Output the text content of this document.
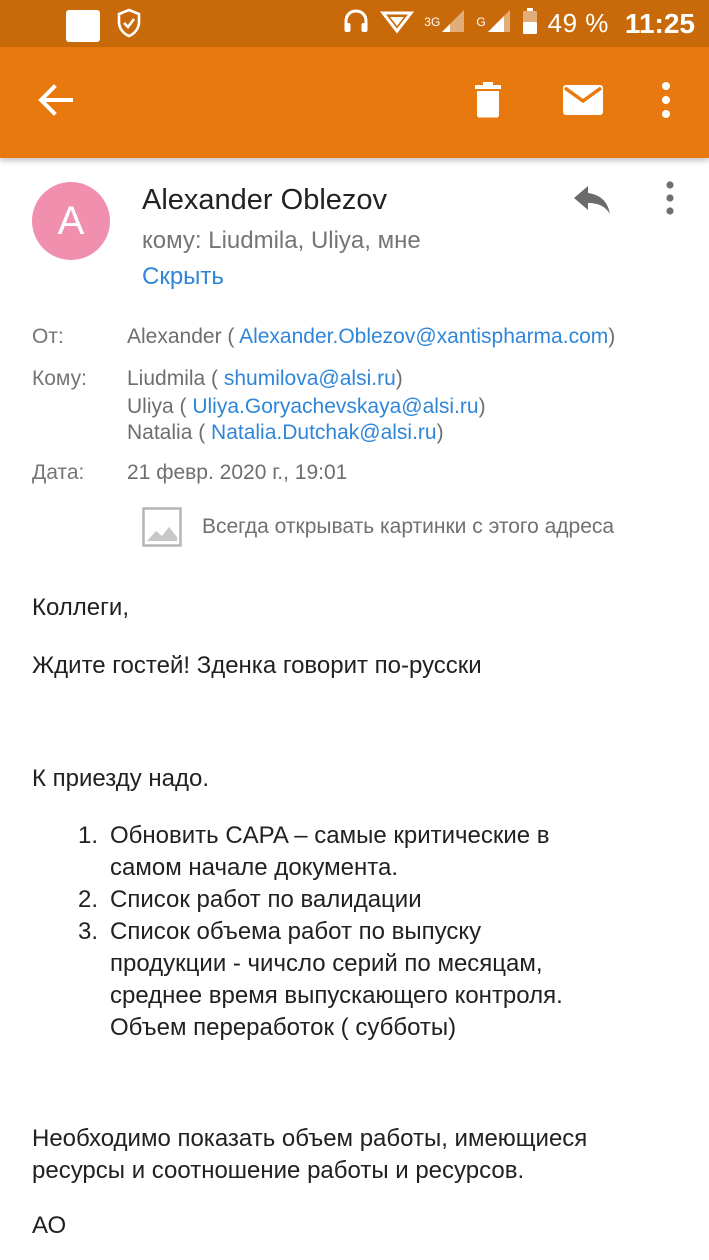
3G	G 49 % 11:25
A	Alexander Oblezov
кому: Liudmila, Uliya, мне
Скрыть
От:	Alexander ( Alexander.Oblezov@xantispharma.com)
Кому: Liudmila ( shumilova@alsi.ru)
Uliya ( Uliya.Goryachevskaya@alsi.ru)
Natalia ( Natalia.Dutchak@alsi.ru)
Дата: 21 февр. 2020 г., 19:01
Всегда открывать картинки с этого адреса
Коллеги,
Ждите гостей! Зденка говорит по-русски
К приезду надо.
1. Обновить CAPA – самые критические в
самом начале документа.
2. Список работ по валидации
3. Список объема работ по выпуску
продукции - чичсло серий по месяцам,
среднее время выпускающего контроля.
Объем переработок ( субботы)
Необходимо показать объем работы, имеющиеся
ресурсы и соотношение работы и ресурсов.
АО
